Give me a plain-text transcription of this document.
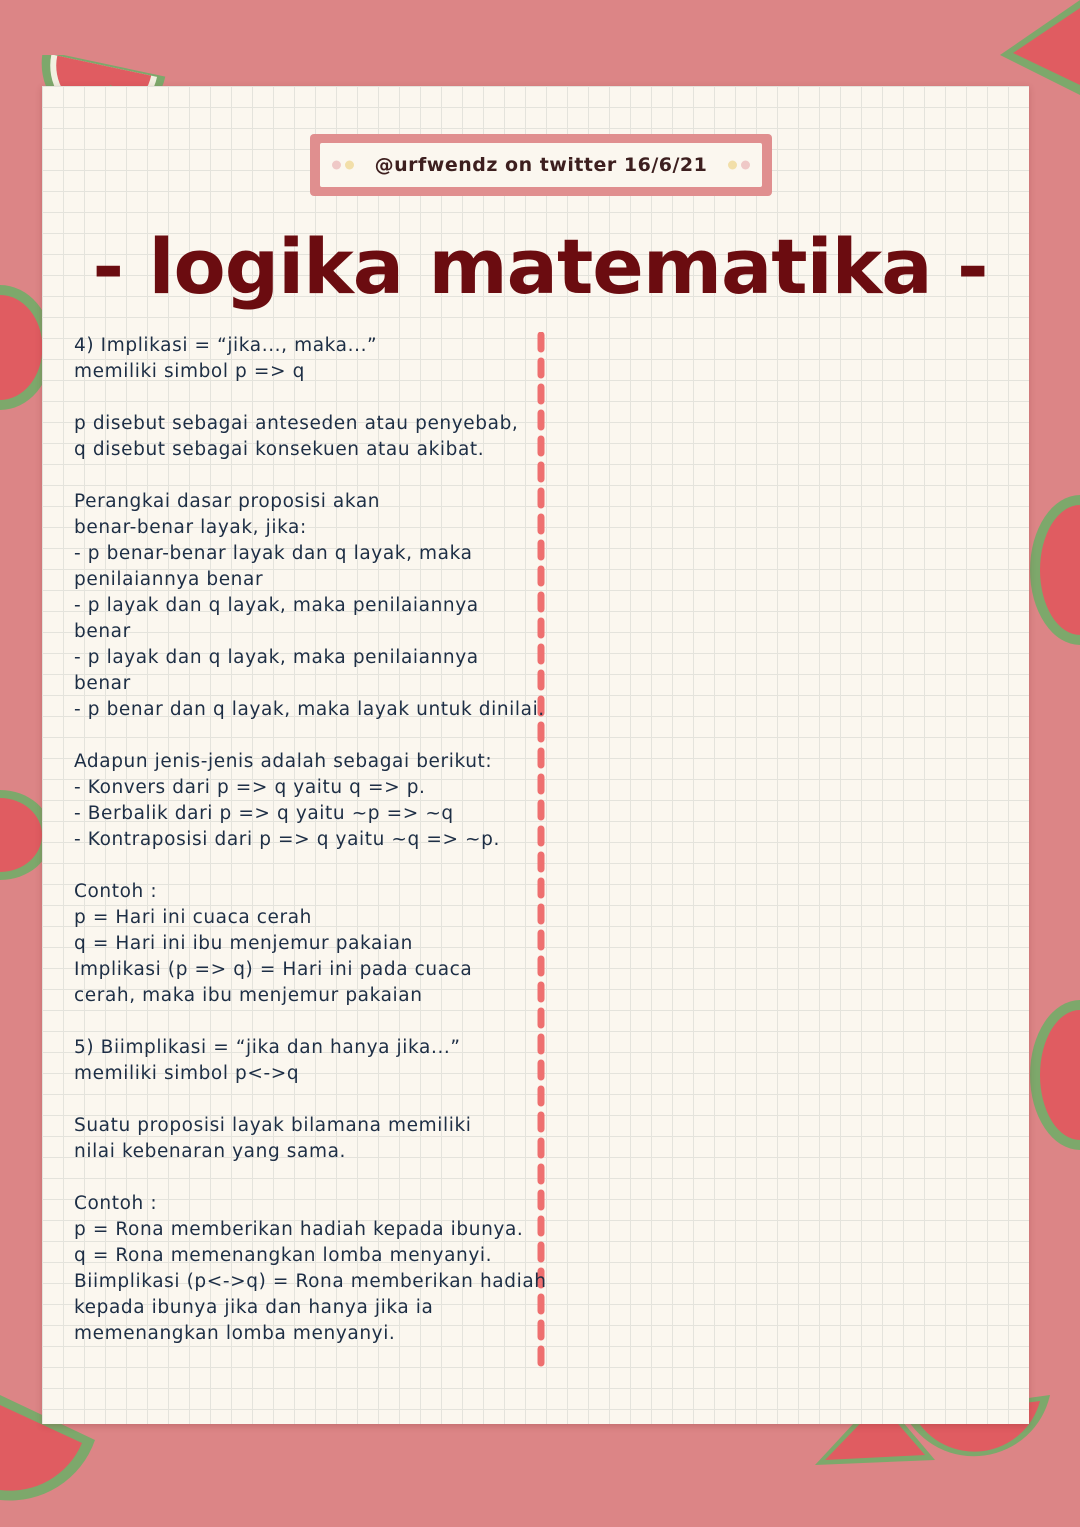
@urfwendz on twitter 16/6/21
- logika matematika -
4) Implikasi = “jika..., maka...”
memiliki simbol p => q
p disebut sebagai anteseden atau penyebab,
q disebut sebagai konsekuen atau akibat.
Perangkai dasar proposisi akan
benar-benar layak, jika:
- p benar-benar layak dan q layak, maka
penilaiannya benar
- p layak dan q layak, maka penilaiannya
benar
- p layak dan q layak, maka penilaiannya
benar
- p benar dan q layak, maka layak untuk dinilai.
Adapun jenis-jenis adalah sebagai berikut:
- Konvers dari p => q yaitu q => p.
- Berbalik dari p => q yaitu ~p => ~q
- Kontraposisi dari p => q yaitu ~q => ~p.
Contoh :
p = Hari ini cuaca cerah
q = Hari ini ibu menjemur pakaian
Implikasi (p => q) = Hari ini pada cuaca
cerah, maka ibu menjemur pakaian
5) Biimplikasi = “jika dan hanya jika...”
memiliki simbol p<->q
Suatu proposisi layak bilamana memiliki
nilai kebenaran yang sama.
Contoh :
p = Rona memberikan hadiah kepada ibunya.
q = Rona memenangkan lomba menyanyi.
Biimplikasi (p<->q) = Rona memberikan hadiah
kepada ibunya jika dan hanya jika ia
memenangkan lomba menyanyi.
